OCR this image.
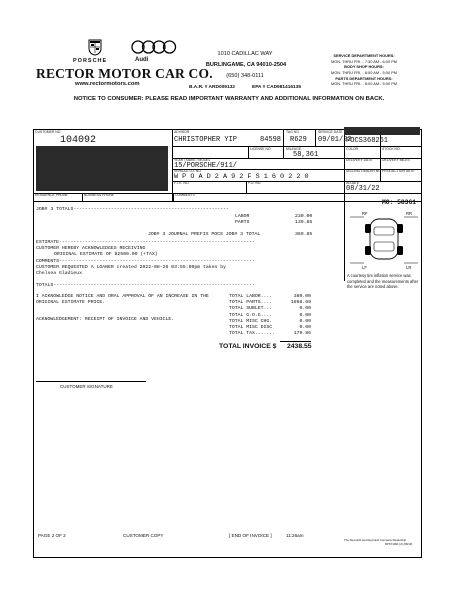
PORSCHE	Audi
RECTOR MOTOR CAR CO.
www.rectormotors.com
1010 CADILLAC WAY
BURLINGAME, CA 94010-2504
(650) 348-0111
B.A.R. # ARD009132	EPA # CAD981416135
SERVICE DEPARTMENT HOURS:
MON. THRU FRI. - 7:30 AM - 6:00 PM
BODY SHOP HOURS:
MON. THRU FRI. - 8:00 AM - 5:00 PM
PARTS DEPARTMENT HOURS:
MON. THRU FRI. - 8:00 AM - 5:00 PM
NOTICE TO CONSUMER: PLEASE READ IMPORTANT WARRANTY AND ADDITIONAL INFORMATION ON BACK.
CUSTOMER NO.
104092
ADVISOR
CHRISTOPHER YIP	84598
TAG NO.
R629
SERVICE DATE
09/01/22
POCS368261
LICENSE NO.	MILEAGE
58,361
COLOR	STOCK NO.
YEAR / MAKE / MODEL
15/PORSCHE/911/
DELIVERY DATE	DELIVERY MILES
VEHICLE I.D. NO.
W P O A D 2 A 9 2 F S 1 6 0 2 2 0
SELLING DEALER NO. PRODUCTION DATE
F.T.E. NO.	P.O. NO.	IN DATE
08/31/22
RESIDENCE PHONE	BUSINESS PHONE	COMMENTS
MO: 58361
JOB# 3 TOTALS------------------------------------------------------
LABOR	230.00
PARTS	139.85
JOB# 3 JOURNAL PREFIX POCS JOB# 3 TOTAL	369.85
ESTIMATE--------------------------------------------------------------------
CUSTOMER HEREBY ACKNOWLEDGES RECEIVING
ORIGINAL ESTIMATE OF $2500.00 (+TAX)
COMMENTS--------------------------------------------------------------------
CUSTOMER REQUESTED A LOANER created 2022-08-26 03:55:00pm taken by
Chelsea Gladieux
TOTALS----------------------------------------------------------------------
I ACKNOWLEDGE NOTICE AND ORAL APPROVAL OF AN INCREASE IN THE
ORIGINAL ESTIMATE PRICE.
ACKNOWLEDGEMENT: RECEIPT OF INVOICE AND VEHICLE.
TOTAL LABOR....	380.00
TOTAL PARTS....	1868.69
TOTAL SUBLET...	0.00
TOTAL G.O.G....	0.00
TOTAL MISC CHG.	0.00
TOTAL MISC DISC	0.00
TOTAL TAX.......	179.86
TOTAL INVOICE $ 2438.55
CUSTOMER SIGNATURE
RF	RR
LF	LR
A courtesy tire inflation service was completed and the measurements after the service are noted above.
PAGE 2 OF 2	CUSTOMER COPY	[ END OF INVOICE ]	11:26am
The Reynolds and Reynolds Company Dealership
RPS71991 (2) (08/13)
